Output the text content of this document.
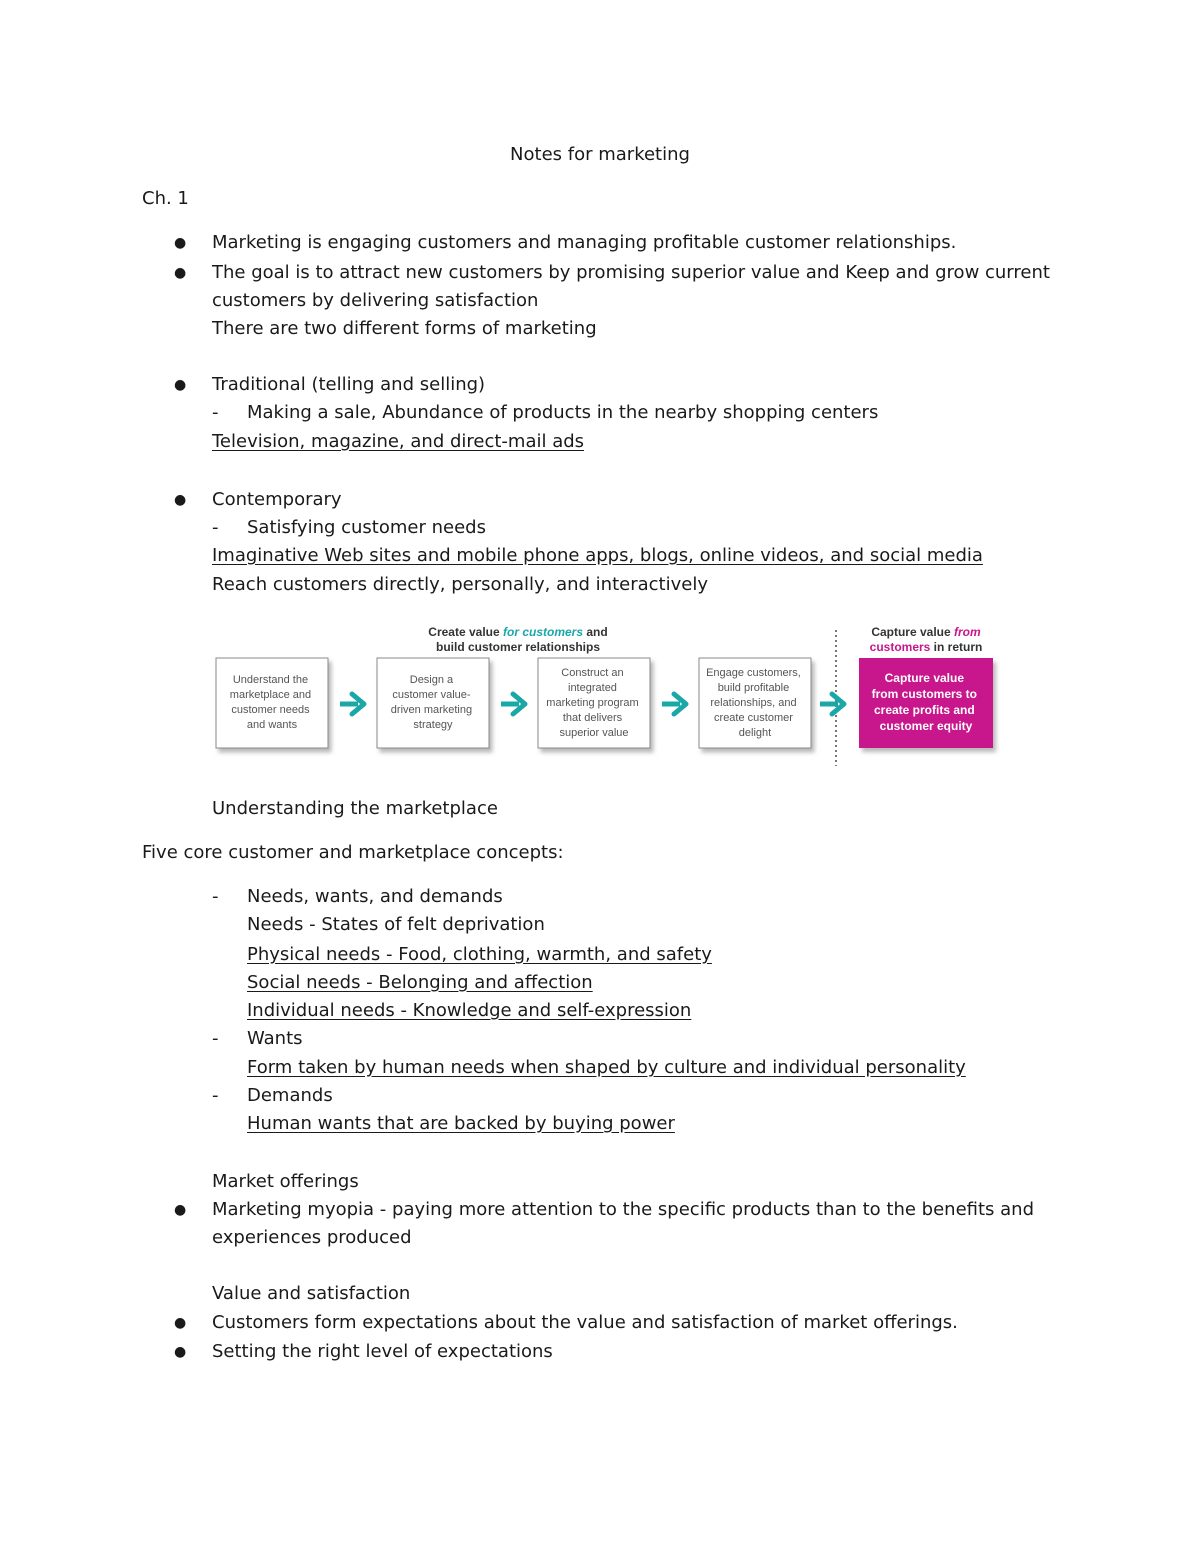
Notes for marketing
Ch. 1
● Marketing is engaging customers and managing profitable customer relationships.
● The goal is to attract new customers by promising superior value and Keep and grow current
customers by delivering satisfaction
There are two different forms of marketing
● Traditional (telling and selling)
- Making a sale, Abundance of products in the nearby shopping centers
Television, magazine, and direct-mail ads
● Contemporary
- Satisfying customer needs
Imaginative Web sites and mobile phone apps, blogs, online videos, and social media
Reach customers directly, personally, and interactively
Create value for customers and
build customer relationships
Capture value from
customers in return
Understand the marketplace and customer needs and wants
Design a customer value- driven marketing strategy
Construct an integrated marketing program that delivers superior value
Engage customers, build profitable relationships, and create customer delight
Capture value from customers to create profits and customer equity
Understanding the marketplace
Five core customer and marketplace concepts:
- Needs, wants, and demands
Needs - States of felt deprivation
Physical needs - Food, clothing, warmth, and safety
Social needs - Belonging and affection
Individual needs - Knowledge and self-expression
- Wants
Form taken by human needs when shaped by culture and individual personality
- Demands
Human wants that are backed by buying power
Market offerings
● Marketing myopia - paying more attention to the specific products than to the benefits and
experiences produced
Value and satisfaction
● Customers form expectations about the value and satisfaction of market offerings.
● Setting the right level of expectations
